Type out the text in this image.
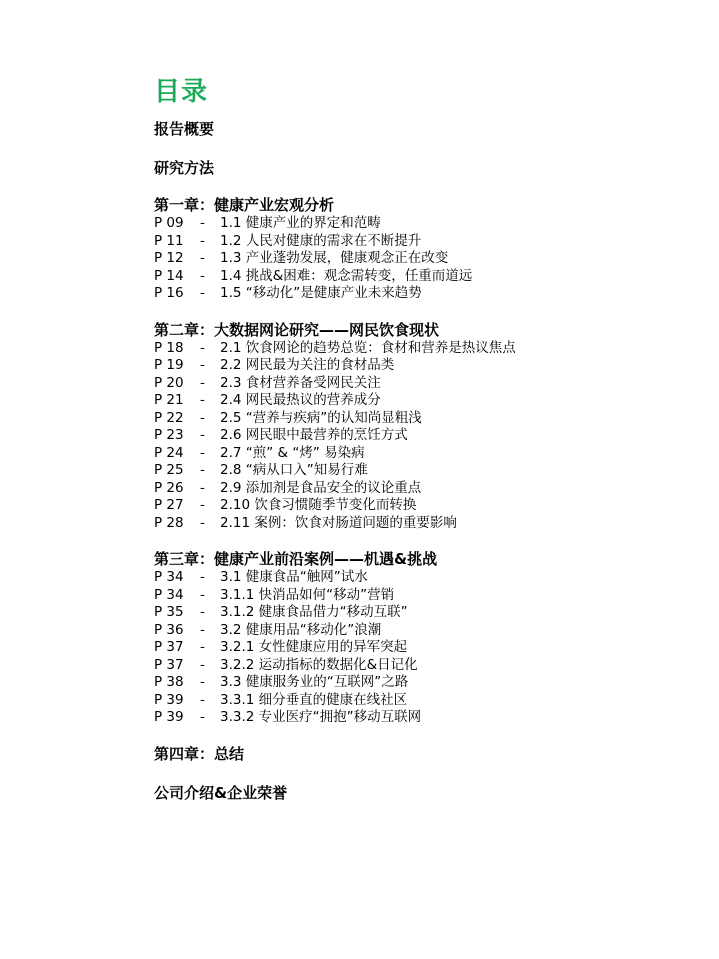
目录
报告概要
研究方法
第一章：健康产业宏观分析
P 09	-	1.1 健康产业的界定和范畴
P 11	-	1.2 人民对健康的需求在不断提升
P 12	-	1.3 产业蓬勃发展，健康观念正在改变
P 14	-	1.4 挑战&困难：观念需转变，任重而道远
P 16	-	1.5 “移动化”是健康产业未来趋势
第二章：大数据网论研究——网民饮食现状
P 18	-	2.1 饮食网论的趋势总览：食材和营养是热议焦点
P 19	-	2.2 网民最为关注的食材品类
P 20	-	2.3 食材营养备受网民关注
P 21	-	2.4 网民最热议的营养成分
P 22	-	2.5 “营养与疾病”的认知尚显粗浅
P 23	-	2.6 网民眼中最营养的烹饪方式
P 24	-	2.7 “煎” & “烤” 易染病
P 25	-	2.8 “病从口入”知易行难
P 26	-	2.9 添加剂是食品安全的议论重点
P 27	-	2.10 饮食习惯随季节变化而转换
P 28	-	2.11 案例：饮食对肠道问题的重要影响
第三章：健康产业前沿案例——机遇&挑战
P 34	-	3.1 健康食品“触网”试水
P 34	-	3.1.1 快消品如何“移动”营销
P 35	-	3.1.2 健康食品借力“移动互联”
P 36	-	3.2 健康用品“移动化”浪潮
P 37	-	3.2.1 女性健康应用的异军突起
P 37	-	3.2.2 运动指标的数据化&日记化
P 38	-	3.3 健康服务业的“互联网”之路
P 39	-	3.3.1 细分垂直的健康在线社区
P 39	-	3.3.2 专业医疗“拥抱”移动互联网
第四章：总结
公司介绍&企业荣誉
